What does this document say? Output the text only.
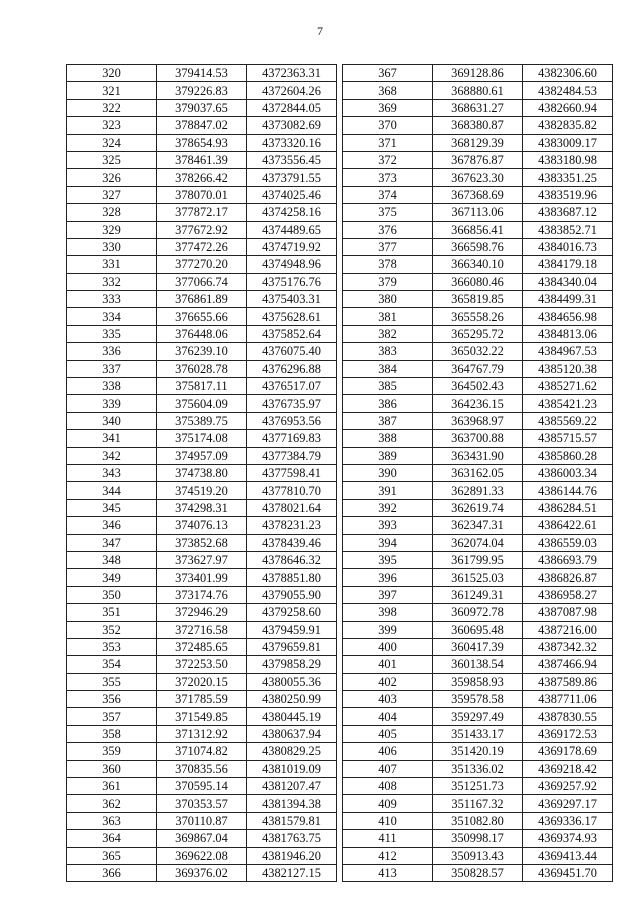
7
320	379414.53	4372363.31
321	379226.83	4372604.26
322	379037.65	4372844.05
323	378847.02	4373082.69
324	378654.93	4373320.16
325	378461.39	4373556.45
326	378266.42	4373791.55
327	378070.01	4374025.46
328	377872.17	4374258.16
329	377672.92	4374489.65
330	377472.26	4374719.92
331	377270.20	4374948.96
332	377066.74	4375176.76
333	376861.89	4375403.31
334	376655.66	4375628.61
335	376448.06	4375852.64
336	376239.10	4376075.40
337	376028.78	4376296.88
338	375817.11	4376517.07
339	375604.09	4376735.97
340	375389.75	4376953.56
341	375174.08	4377169.83
342	374957.09	4377384.79
343	374738.80	4377598.41
344	374519.20	4377810.70
345	374298.31	4378021.64
346	374076.13	4378231.23
347	373852.68	4378439.46
348	373627.97	4378646.32
349	373401.99	4378851.80
350	373174.76	4379055.90
351	372946.29	4379258.60
352	372716.58	4379459.91
353	372485.65	4379659.81
354	372253.50	4379858.29
355	372020.15	4380055.36
356	371785.59	4380250.99
357	371549.85	4380445.19
358	371312.92	4380637.94
359	371074.82	4380829.25
360	370835.56	4381019.09
361	370595.14	4381207.47
362	370353.57	4381394.38
363	370110.87	4381579.81
364	369867.04	4381763.75
365	369622.08	4381946.20
366	369376.02	4382127.15
367	369128.86	4382306.60
368	368880.61	4382484.53
369	368631.27	4382660.94
370	368380.87	4382835.82
371	368129.39	4383009.17
372	367876.87	4383180.98
373	367623.30	4383351.25
374	367368.69	4383519.96
375	367113.06	4383687.12
376	366856.41	4383852.71
377	366598.76	4384016.73
378	366340.10	4384179.18
379	366080.46	4384340.04
380	365819.85	4384499.31
381	365558.26	4384656.98
382	365295.72	4384813.06
383	365032.22	4384967.53
384	364767.79	4385120.38
385	364502.43	4385271.62
386	364236.15	4385421.23
387	363968.97	4385569.22
388	363700.88	4385715.57
389	363431.90	4385860.28
390	363162.05	4386003.34
391	362891.33	4386144.76
392	362619.74	4386284.51
393	362347.31	4386422.61
394	362074.04	4386559.03
395	361799.95	4386693.79
396	361525.03	4386826.87
397	361249.31	4386958.27
398	360972.78	4387087.98
399	360695.48	4387216.00
400	360417.39	4387342.32
401	360138.54	4387466.94
402	359858.93	4387589.86
403	359578.58	4387711.06
404	359297.49	4387830.55
405	351433.17	4369172.53
406	351420.19	4369178.69
407	351336.02	4369218.42
408	351251.73	4369257.92
409	351167.32	4369297.17
410	351082.80	4369336.17
411	350998.17	4369374.93
412	350913.43	4369413.44
413	350828.57	4369451.70
